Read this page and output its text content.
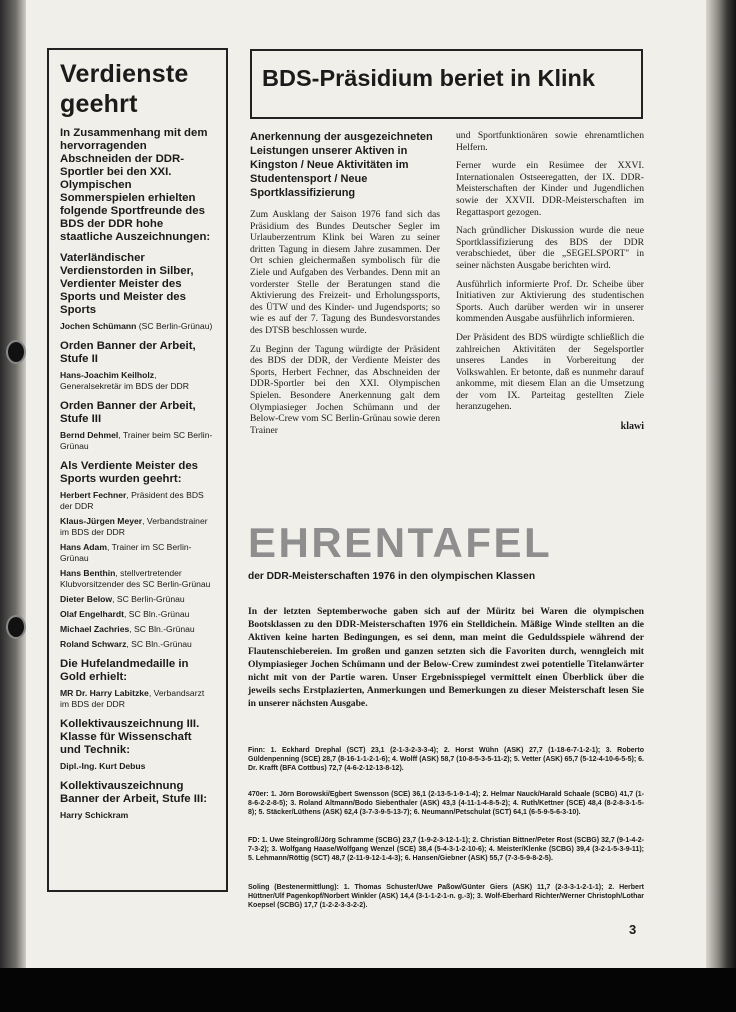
Verdienste
geehrt
In Zusammenhang mit dem hervorragenden Abschneiden der DDR-Sportler bei den XXI. Olympischen Sommerspielen erhielten folgende Sportfreunde des BDS der DDR hohe staatliche Auszeichnungen:
Vaterländischer Verdienstorden in Silber, Verdienter Meister des Sports und Meister des Sports
Jochen Schümann (SC Berlin-Grünau)
Orden Banner der Arbeit, Stufe II
Hans-Joachim Keilholz, Generalsekretär im BDS der DDR
Orden Banner der Arbeit, Stufe III
Bernd Dehmel, Trainer beim SC Berlin-Grünau
Als Verdiente Meister des Sports wurden geehrt:
Herbert Fechner, Präsident des BDS der DDR
Klaus-Jürgen Meyer, Verbandstrainer im BDS der DDR
Hans Adam, Trainer im SC Berlin-Grünau
Hans Benthin, stellvertretender Klubvorsitzender des SC Berlin-Grünau
Dieter Below, SC Berlin-Grünau
Olaf Engelhardt, SC Bln.-Grünau
Michael Zachries, SC Bln.-Grünau
Roland Schwarz, SC Bln.-Grünau
Die Hufelandmedaille in Gold erhielt:
MR Dr. Harry Labitzke, Verbandsarzt im BDS der DDR
Kollektivauszeichnung III. Klasse für Wissenschaft und Technik:
Dipl.-Ing. Kurt Debus
Kollektivauszeichnung Banner der Arbeit, Stufe III:
Harry Schickram
BDS-Präsidium beriet in Klink

Anerkennung der ausgezeichneten Leistungen unserer Aktiven in Kingston / Neue Aktivitäten im Studentensport / Neue Sportklassifizierung

Zum Ausklang der Saison 1976 fand sich das Präsidium des Bundes Deutscher Segler im Urlauberzentrum Klink bei Waren zu seiner dritten Tagung in diesem Jahre zusammen. Der Ort schien gleichermaßen symbolisch für die Ziele und Aufgaben des Verbandes. Denn mit an vorderster Stelle der Beratungen stand die Aktivierung des Freizeit- und Erholungssports, des ÜTW und des Kinder- und Jugendsports; so wie es auf der 7. Tagung des Bundesvorstandes des DTSB beschlossen wurde.

Zu Beginn der Tagung würdigte der Präsident des BDS der DDR, der Verdiente Meister des Sports, Herbert Fechner, das Abschneiden der DDR-Sportler bei den XXI. Olympischen Spielen. Besondere Anerkennung galt dem Olympiasieger Jochen Schümann und der Below-Crew vom SC Berlin-Grünau sowie deren Trainer

und Sportfunktionären sowie ehrenamtlichen Helfern.

Ferner wurde ein Resümee der XXVI. Internationalen Ostseeregatten, der IX. DDR-Meisterschaften der Kinder und Jugendlichen sowie der XXVII. DDR-Meisterschaften im Regattasport gezogen.

Nach gründlicher Diskussion wurde die neue Sportklassifizierung des BDS der DDR verabschiedet, über die „SEGELSPORT" in seiner nächsten Ausgabe berichten wird.

Ausführlich informierte Prof. Dr. Scheibe über Initiativen zur Aktivierung des studentischen Sports. Auch darüber werden wir in unserer kommenden Ausgabe ausführlich informieren.

Der Präsident des BDS würdigte schließlich die zahlreichen Aktivitäten der Segelsportler unseres Landes in Vorbereitung der Volkswahlen. Er betonte, daß es nunmehr darauf ankomme, mit diesem Elan an die Umsetzung der vom IX. Parteitag gestellten Ziele heranzugehen.

klawi
EHRENTAFEL
der DDR-Meisterschaften 1976 in den olympischen Klassen
In der letzten Septemberwoche gaben sich auf der Müritz bei Waren die olympischen Bootsklassen zu den DDR-Meisterschaften 1976 ein Stelldichein. Mäßige Winde stellten an die Aktiven keine harten Bedingungen, es sei denn, man meint die Geduldsspiele während der Flautenschiebereien. Im großen und ganzen setzten sich die Favoriten durch, wenngleich mit Olympiasieger Jochen Schümann und der Below-Crew zumindest zwei potentielle Titelanwärter nicht mit von der Partie waren. Unser Ergebnisspiegel vermittelt einen Überblick über die jeweils sechs Erstplazierten, Anmerkungen und Bemerkungen zu dieser Meisterschaft lesen Sie in unserer nächsten Ausgabe.
Finn: 1. Eckhard Drephal (SCT) 23,1 (2-1-3-2-3-3-4); 2. Horst Wühn (ASK) 27,7 (1-18-6-7-1-2-1); 3. Roberto Güldenpenning (SCE) 28,7 (8-16-1-1-2-1-6); 4. Wolff (ASK) 58,7 (10-8-5-3-5-11-2); 5. Vetter (ASK) 65,7 (5-12-4-10-6-5-5); 6. Dr. Krafft (BFA Cottbus) 72,7 (4-6-2-12-13-8-12).
470er: 1. Jörn Borowski/Egbert Swensson (SCE) 36,1 (2-13-5-1-9-1-4); 2. Helmar Nauck/Harald Schaale (SCBG) 41,7 (1-8-6-2-2-8-5); 3. Roland Altmann/Bodo Siebenthaler (ASK) 43,3 (4-11-1-4-8-5-2); 4. Ruth/Kettner (SCE) 48,4 (8-2-8-3-1-5-8); 5. Stäcker/Lüthens (ASK) 62,4 (3-7-3-9-5-13-7); 6. Neumann/Petschulat (SCT) 64,1 (6-5-9-5-6-3-10).
FD: 1. Uwe Steingroß/Jörg Schramme (SCBG) 23,7 (1-9-2-3-12-1-1); 2. Christian Bittner/Peter Rost (SCBG) 32,7 (9-1-4-2-7-3-2); 3. Wolfgang Haase/Wolfgang Wenzel (SCE) 38,4 (5-4-3-1-2-10-6); 4. Meister/Klenke (SCBG) 39,4 (3-2-1-5-3-9-11); 5. Lehmann/Röttig (SCT) 48,7 (2-11-9-12-1-4-3); 6. Hansen/Giebner (ASK) 55,7 (7-3-5-9-8-2-5).
Soling (Bestenermittlung): 1. Thomas Schuster/Uwe Paßow/Günter Giers (ASK) 11,7 (2-3-3-1-2-1-1); 2. Herbert Hüttner/Ulf Pagenkopf/Norbert Winkler (ASK) 14,4 (3-1-1-2-1-n. g.-3); 3. Wolf-Eberhard Richter/Werner Christoph/Lothar Koepsel (SCBG) 17,7 (1-2-2-3-3-2-2).
3
